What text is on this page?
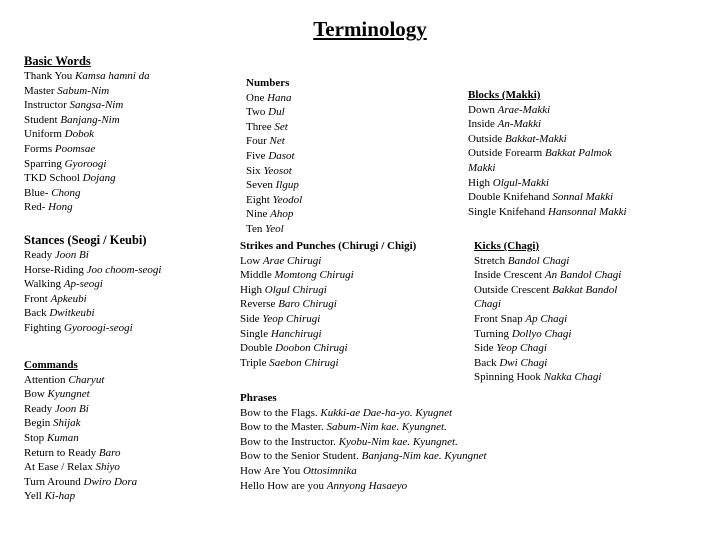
Terminology
Basic Words
Thank You Kamsa hamni da
Master Sabum-Nim
Instructor Sangsa-Nim
Student Banjang-Nim
Uniform Dobok
Forms Poomsae
Sparring Gyoroogi
TKD School Dojang
Blue- Chong
Red- Hong
Stances (Seogi / Keubi)
Ready Joon Bi
Horse-Riding Joo choom-seogi
Walking Ap-seogi
Front Apkeubi
Back Dwitkeubi
Fighting Gyoroogi-seogi
Commands
Attention Charyut
Bow Kyungnet
Ready Joon Bi
Begin Shijak
Stop Kuman
Return to Ready Baro
At Ease / Relax Shiyo
Turn Around Dwiro Dora
Yell Ki-hap
Numbers
One Hana
Two Dul
Three Set
Four Net
Five Dasot
Six Yeosot
Seven Ilgup
Eight Yeodol
Nine Ahop
Ten Yeol
Strikes and Punches (Chirugi / Chigi)
Low Arae Chirugi
Middle Momtong Chirugi
High Olgul Chirugi
Reverse Baro Chirugi
Side Yeop Chirugi
Single Hanchirugi
Double Doobon Chirugi
Triple Saebon Chirugi
Phrases
Bow to the Flags. Kukki-ae Dae-ha-yo. Kyugnet
Bow to the Master. Sabum-Nim kae. Kyungnet.
Bow to the Instructor. Kyobu-Nim kae. Kyungnet.
Bow to the Senior Student. Banjang-Nim kae. Kyungnet
How Are You Ottosimnika
Hello How are you Annyong Hasaeyo
Blocks (Makki)
Down Arae-Makki
Inside An-Makki
Outside Bakkat-Makki
Outside Forearm Bakkat Palmok Makki
High Olgul-Makki
Double Knifehand Sonnal Makki
Single Knifehand Hansonnal Makki
Kicks (Chagi)
Stretch Bandol Chagi
Inside Crescent An Bandol Chagi
Outside Crescent Bakkat Bandol Chagi
Front Snap Ap Chagi
Turning Dollyo Chagi
Side Yeop Chagi
Back Dwi Chagi
Spinning Hook Nakka Chagi
